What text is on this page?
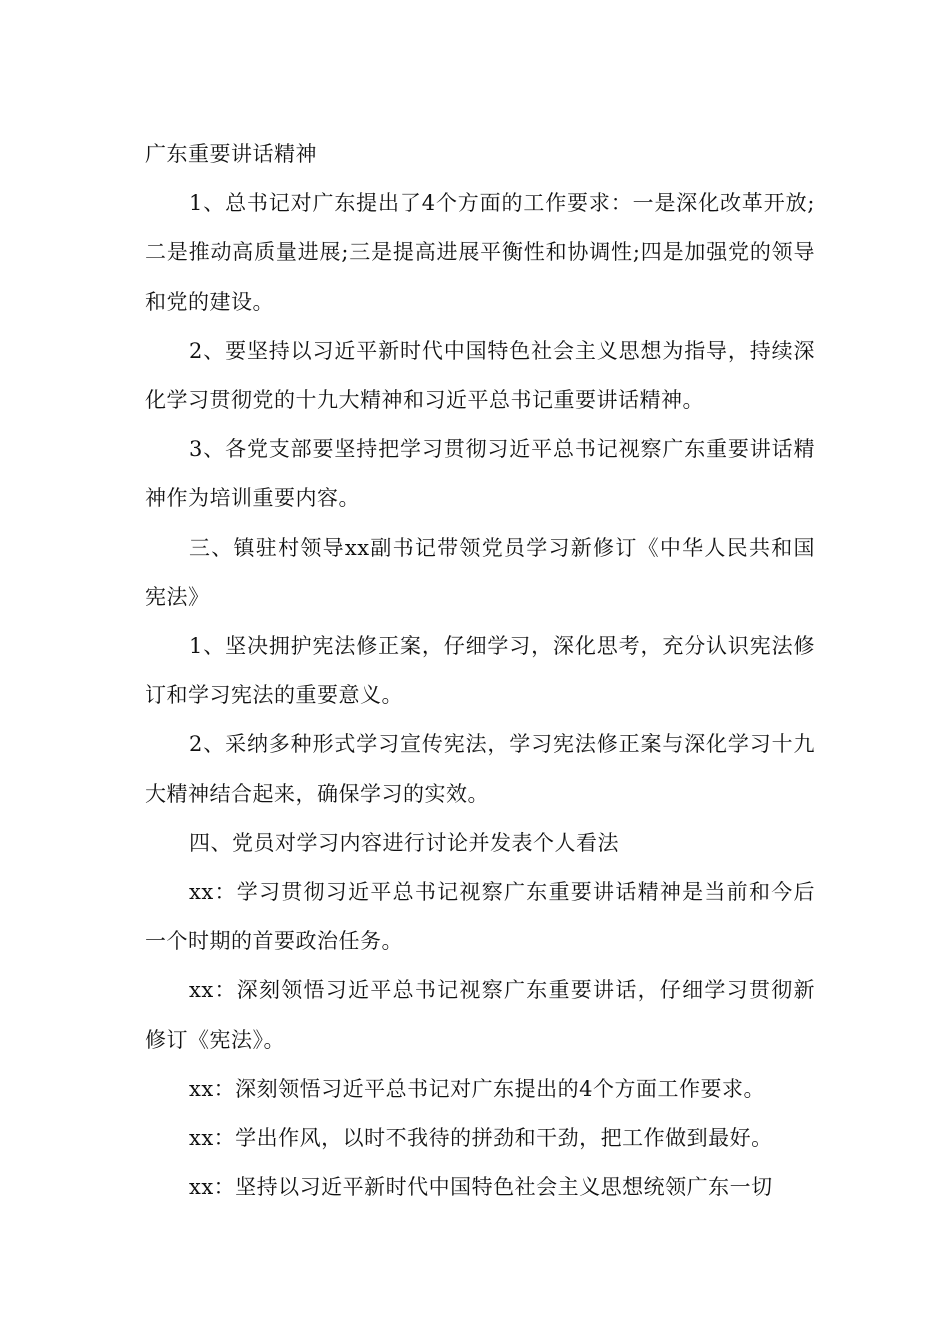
广东重要讲话精神

1、总书记对广东提出了4个方面的工作要求：一是深化改革开放;二是推动高质量进展;三是提高进展平衡性和协调性;四是加强党的领导和党的建设。

2、要坚持以习近平新时代中国特色社会主义思想为指导，持续深化学习贯彻党的十九大精神和习近平总书记重要讲话精神。

3、各党支部要坚持把学习贯彻习近平总书记视察广东重要讲话精神作为培训重要内容。

三、镇驻村领导xx副书记带领党员学习新修订《中华人民共和国宪法》

1、坚决拥护宪法修正案，仔细学习，深化思考，充分认识宪法修订和学习宪法的重要意义。

2、采纳多种形式学习宣传宪法，学习宪法修正案与深化学习十九大精神结合起来，确保学习的实效。

四、党员对学习内容进行讨论并发表个人看法

xx：学习贯彻习近平总书记视察广东重要讲话精神是当前和今后一个时期的首要政治任务。

xx：深刻领悟习近平总书记视察广东重要讲话，仔细学习贯彻新修订《宪法》。

xx：深刻领悟习近平总书记对广东提出的4个方面工作要求。

xx：学出作风，以时不我待的拼劲和干劲，把工作做到最好。

xx：坚持以习近平新时代中国特色社会主义思想统领广东一切
